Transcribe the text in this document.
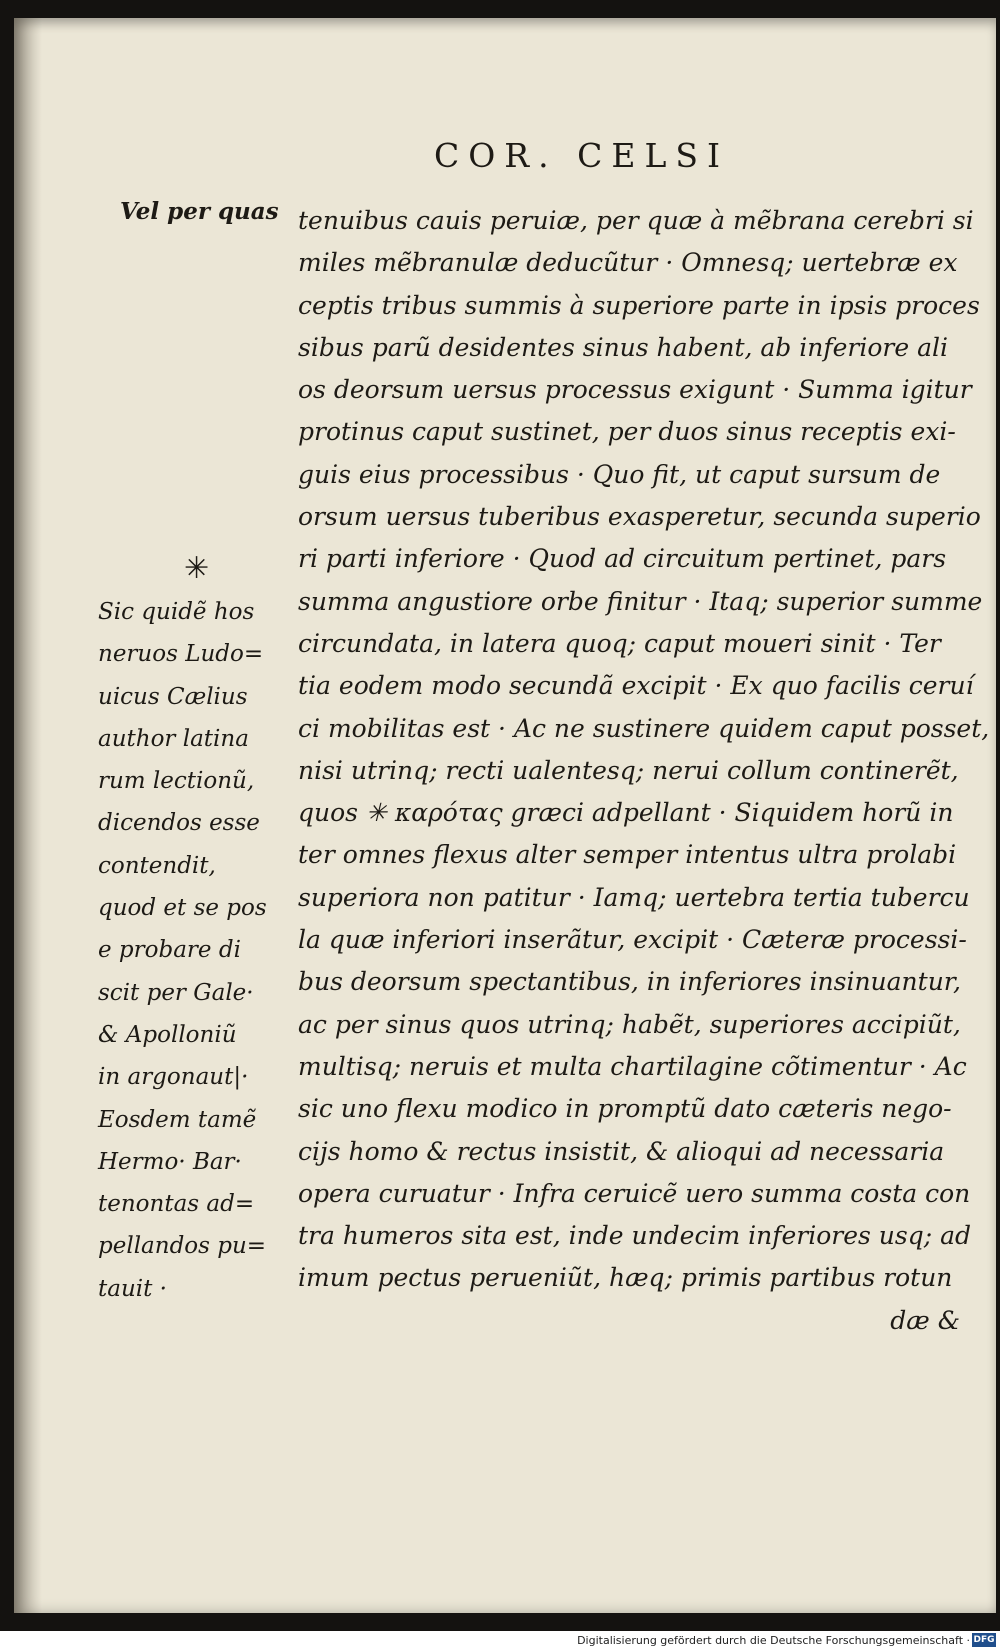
COR. CELSI
Vel per quas tenuibus cauis peruiæ, per quæ à mẽbrana cerebri si
miles mẽbranulæ deducũtur · Omnesq; uertebræ ex
ceptis tribus summis à superiore parte in ipsis proces
sibus parũ desidentes sinus habent, ab inferiore ali
os deorsum uersus processus exigunt · Summa igitur
protinus caput sustinet, per duos sinus receptis exi-
guis eius processibus · Quo fit, ut caput sursum de
orsum uersus tuberibus exasperetur, secunda superio
ri parti inferiore · Quod ad circuitum pertinet, pars
summa angustiore orbe finitur · Itaq; superior summe
circundata, in latera quoq; caput moueri sinit · Ter
tia eodem modo secundã excipit · Ex quo facilis ceruí
ci mobilitas est · Ac ne sustinere quidem caput posset,
nisi utrinq; recti ualentesq; nerui collum continerẽt,
quos ✳ καρότας græci adpellant · Siquidem horũ in
ter omnes flexus alter semper intentus ultra prolabi
superiora non patitur · Iamq; uertebra tertia tubercu
la quæ inferiori inserãtur, excipit · Cæteræ processi-
bus deorsum spectantibus, in inferiores insinuantur,
ac per sinus quos utrinq; habẽt, superiores accipiũt,
multisq; neruis et multa chartilagine cõtimentur · Ac
sic uno flexu modico in promptũ dato cæteris nego-
cijs homo & rectus insistit, & alioqui ad necessaria
opera curuatur · Infra ceruicẽ uero summa costa con
tra humeros sita est, inde undecim inferiores usq; ad
imum pectus perueniũt, hæq; primis partibus rotun
dæ &
✳
Sic quidẽ hos
neruos Ludo=
uicus Cælius
author latina
rum lectionũ,
dicendos esse
contendit,
quod et se pos
e probare di
scit per Gale·
& Apolloniũ
in argonaut|·
Eosdem tamẽ
Hermo· Bar·
tenontas ad=
pellandos pu=
tauit ·
Digitalisierung gefördert durch die Deutsche Forschungsgemeinschaft · DFG
